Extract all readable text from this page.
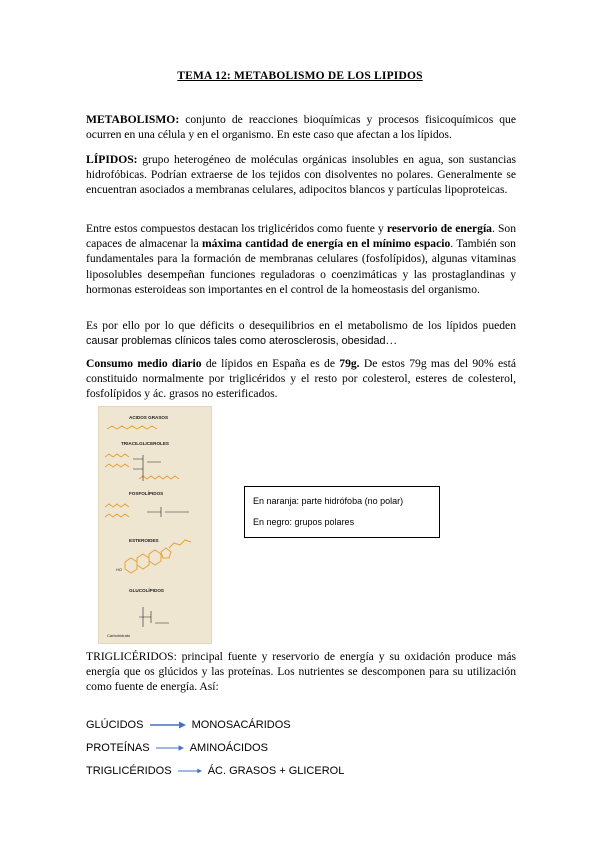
TEMA 12: METABOLISMO DE LOS LIPIDOS

METABOLISMO: conjunto de reacciones bioquímicas y procesos fisicoquímicos que ocurren en una célula y en el organismo. En este caso que afectan a los lípidos.

LÍPIDOS: grupo heterogéneo de moléculas orgánicas insolubles en agua, son sustancias hidrofóbicas. Podrían extraerse de los tejidos con disolventes no polares. Generalmente se encuentran asociados a membranas celulares, adipocitos blancos y partículas lipoproteicas.

Entre estos compuestos destacan los triglicéridos como fuente y reservorio de energía. Son capaces de almacenar la máxima cantidad de energía en el mínimo espacio. También son fundamentales para la formación de membranas celulares (fosfolípidos), algunas vitaminas liposolubles desempeñan funciones reguladoras o coenzimáticas y las prostaglandinas y hormonas esteroideas son importantes en el control de la homeostasis del organismo.

Es por ello por lo que déficits o desequilibrios en el metabolismo de los lípidos pueden causar problemas clínicos tales como aterosclerosis, obesidad…

Consumo medio diario de lípidos en España es de 79g. De estos 79g mas del 90% está constituido normalmente por triglicéridos y el resto por colesterol, esteres de colesterol, fosfolípidos y ác. grasos no esterificados.

ACIDOS GRASOS
TRIACILGLICEROLES
FOSFOLÍPIDOS
ESTEROIDES
GLUCOLÍPIDOS
HO
Carbohidrato
En naranja: parte hidrófoba (no polar)
En negro: grupos polares

TRIGLICÉRIDOS: principal fuente y reservorio de energía y su oxidación produce más energía que os glúcidos y las proteínas. Los nutrientes se descomponen para su utilización como fuente de energía. Así:

GLÚCIDOS	MONOSACÁRIDOS
PROTEÍNAS	AMINOÁCIDOS
TRIGLICÉRIDOS	ÁC. GRASOS + GLICEROL
